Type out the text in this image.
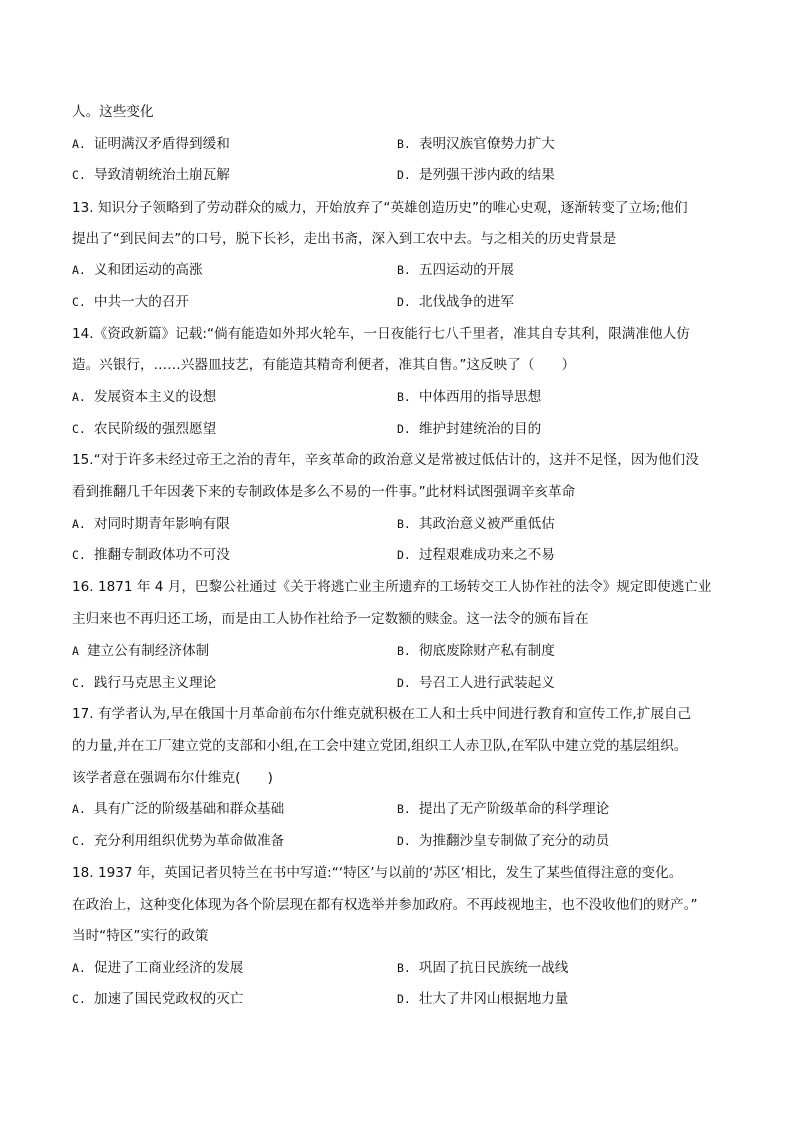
人。这些变化
A. 证明满汉矛盾得到缓和	B. 表明汉族官僚势力扩大
C. 导致清朝统治土崩瓦解	D. 是列强干涉内政的结果
13. 知识分子领略到了劳动群众的威力，开始放弃了“英雄创造历史”的唯心史观，逐渐转变了立场;他们
提出了“到民间去”的口号，脱下长衫，走出书斋，深入到工农中去。与之相关的历史背景是
A. 义和团运动的高涨	B. 五四运动的开展
C. 中共一大的召开	D. 北伐战争的进军
14.《资政新篇》记载:“倘有能造如外邦火轮车，一日夜能行七八千里者，准其自专其利，限满准他人仿
造。兴银行，……兴器皿技艺，有能造其精奇利便者，准其自售。”这反映了（　　）
A. 发展资本主义的设想	B. 中体西用的指导思想
C. 农民阶级的强烈愿望	D. 维护封建统治的目的
15.“对于许多未经过帝王之治的青年，辛亥革命的政治意义是常被过低估计的，这并不足怪，因为他们没
看到推翻几千年因袭下来的专制政体是多么不易的一件事。”此材料试图强调辛亥革命
A. 对同时期青年影响有限	B. 其政治意义被严重低估
C. 推翻专制政体功不可没	D. 过程艰难成功来之不易
16. 1871 年 4 月，巴黎公社通过《关于将逃亡业主所遗弃的工场转交工人协作社的法令》规定即使逃亡业
主归来也不再归还工场，而是由工人协作社给予一定数额的赎金。这一法令的颁布旨在
A 建立公有制经济体制	B. 彻底废除财产私有制度
C. 践行马克思主义理论	D. 号召工人进行武装起义
17. 有学者认为,早在俄国十月革命前布尔什维克就积极在工人和士兵中间进行教育和宣传工作,扩展自己
的力量,并在工厂建立党的支部和小组,在工会中建立党团,组织工人赤卫队,在军队中建立党的基层组织。
该学者意在强调布尔什维克(　　)
A. 具有广泛的阶级基础和群众基础	B. 提出了无产阶级革命的科学理论
C. 充分利用组织优势为革命做准备	D. 为推翻沙皇专制做了充分的动员
18. 1937 年，英国记者贝特兰在书中写道:“‘特区’与以前的‘苏区’相比，发生了某些值得注意的变化。
在政治上，这种变化体现为各个阶层现在都有权选举并参加政府。不再歧视地主，也不没收他们的财产。”
当时“特区”实行的政策
A. 促进了工商业经济的发展	B. 巩固了抗日民族统一战线
C. 加速了国民党政权的灭亡	D. 壮大了井冈山根据地力量
